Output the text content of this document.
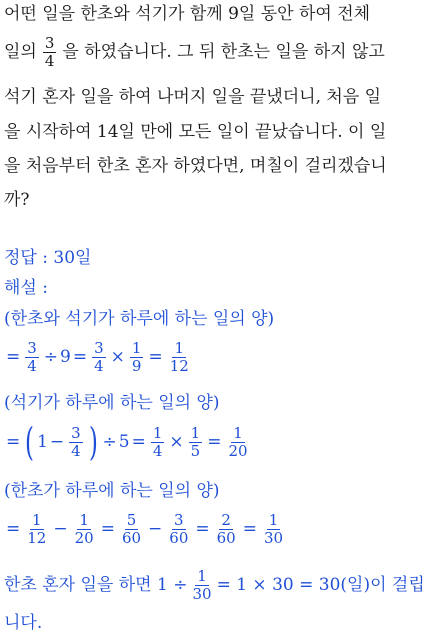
어떤 일을 한초와 석기가 함께 9일 동안 하여 전체
일의 $\frac{3}{4}$ 을 하였습니다. 그 뒤 한초는 일을 하지 않고
석기 혼자 일을 하여 나머지 일을 끝냈더니, 처음 일
을 시작하여 14일 만에 모든 일이 끝났습니다. 이 일
을 처음부터 한초 혼자 하였다면, 며칠이 걸리겠습니
까?
정답 : 30일
해설 :
(한초와 석기가 하루에 하는 일의 양)
= $\frac{3}{4} \div 9 = \frac{3}{4} \times \frac{1}{9} = \frac{1}{12}$
(석기가 하루에 하는 일의 양)
= ( $1 - \frac{3}{4}$ ) ÷ $5 = \frac{1}{4} \times \frac{1}{5} = \frac{1}{20}$
(한초가 하루에 하는 일의 양)
= $\frac{1}{12} - \frac{1}{20} = \frac{5}{60} - \frac{3}{60} = \frac{2}{60} = \frac{1}{30}$
한초 혼자 일을 하면 $1 \div \frac{1}{30} = 1 \times 30 = 30$(일)이 걸립
니다.
